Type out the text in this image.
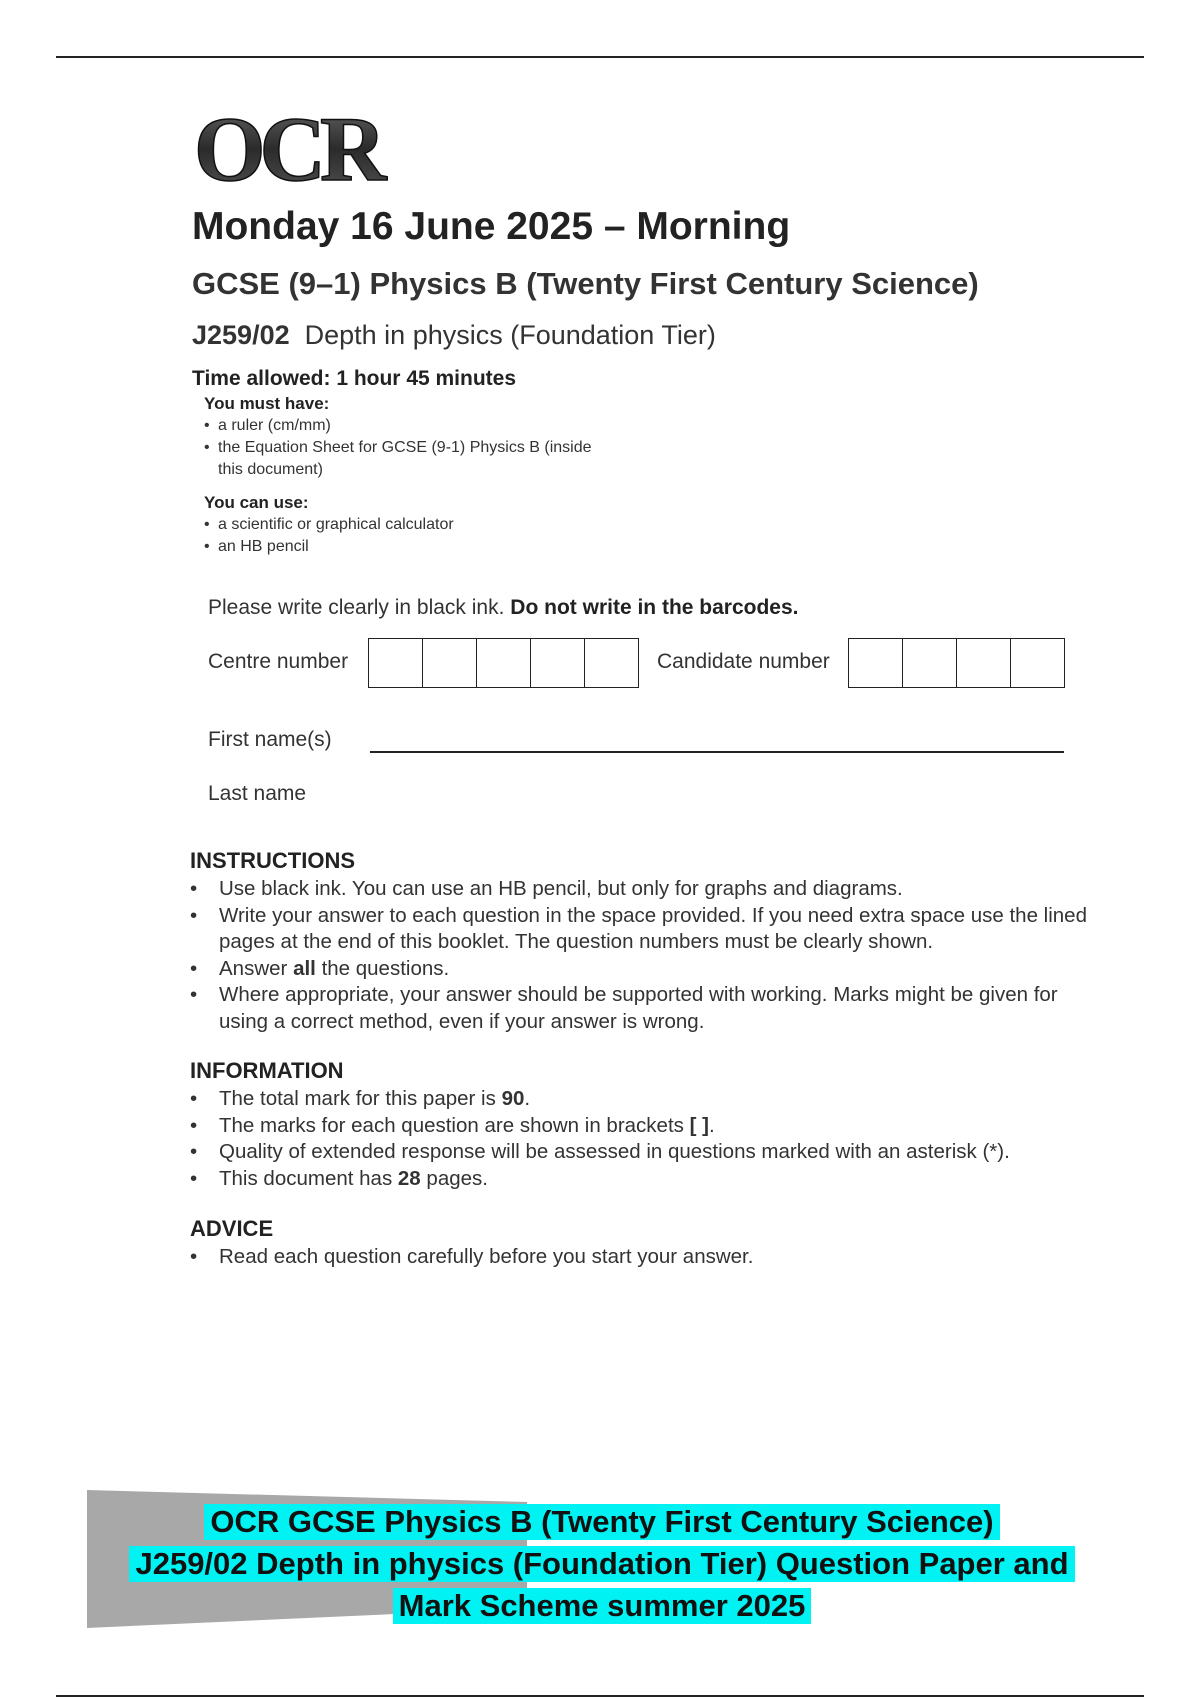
OCR
Monday 16 June 2025 – Morning
GCSE (9–1) Physics B (Twenty First Century Science)
J259/02 Depth in physics (Foundation Tier)
Time allowed: 1 hour 45 minutes
You must have:
• a ruler (cm/mm)
• the Equation Sheet for GCSE (9-1) Physics B (inside this document)
You can use:
• a scientific or graphical calculator
• an HB pencil
Please write clearly in black ink. Do not write in the barcodes.
Centre number	Candidate number
First name(s)
Last name
INSTRUCTIONS
• Use black ink. You can use an HB pencil, but only for graphs and diagrams.
• Write your answer to each question in the space provided. If you need extra space use the lined pages at the end of this booklet. The question numbers must be clearly shown.
• Answer all the questions.
• Where appropriate, your answer should be supported with working. Marks might be given for using a correct method, even if your answer is wrong.
INFORMATION
• The total mark for this paper is 90.
• The marks for each question are shown in brackets [ ].
• Quality of extended response will be assessed in questions marked with an asterisk (*).
• This document has 28 pages.
ADVICE
• Read each question carefully before you start your answer.
OCR GCSE Physics B (Twenty First Century Science)
J259/02 Depth in physics (Foundation Tier) Question Paper and
Mark Scheme summer 2025
